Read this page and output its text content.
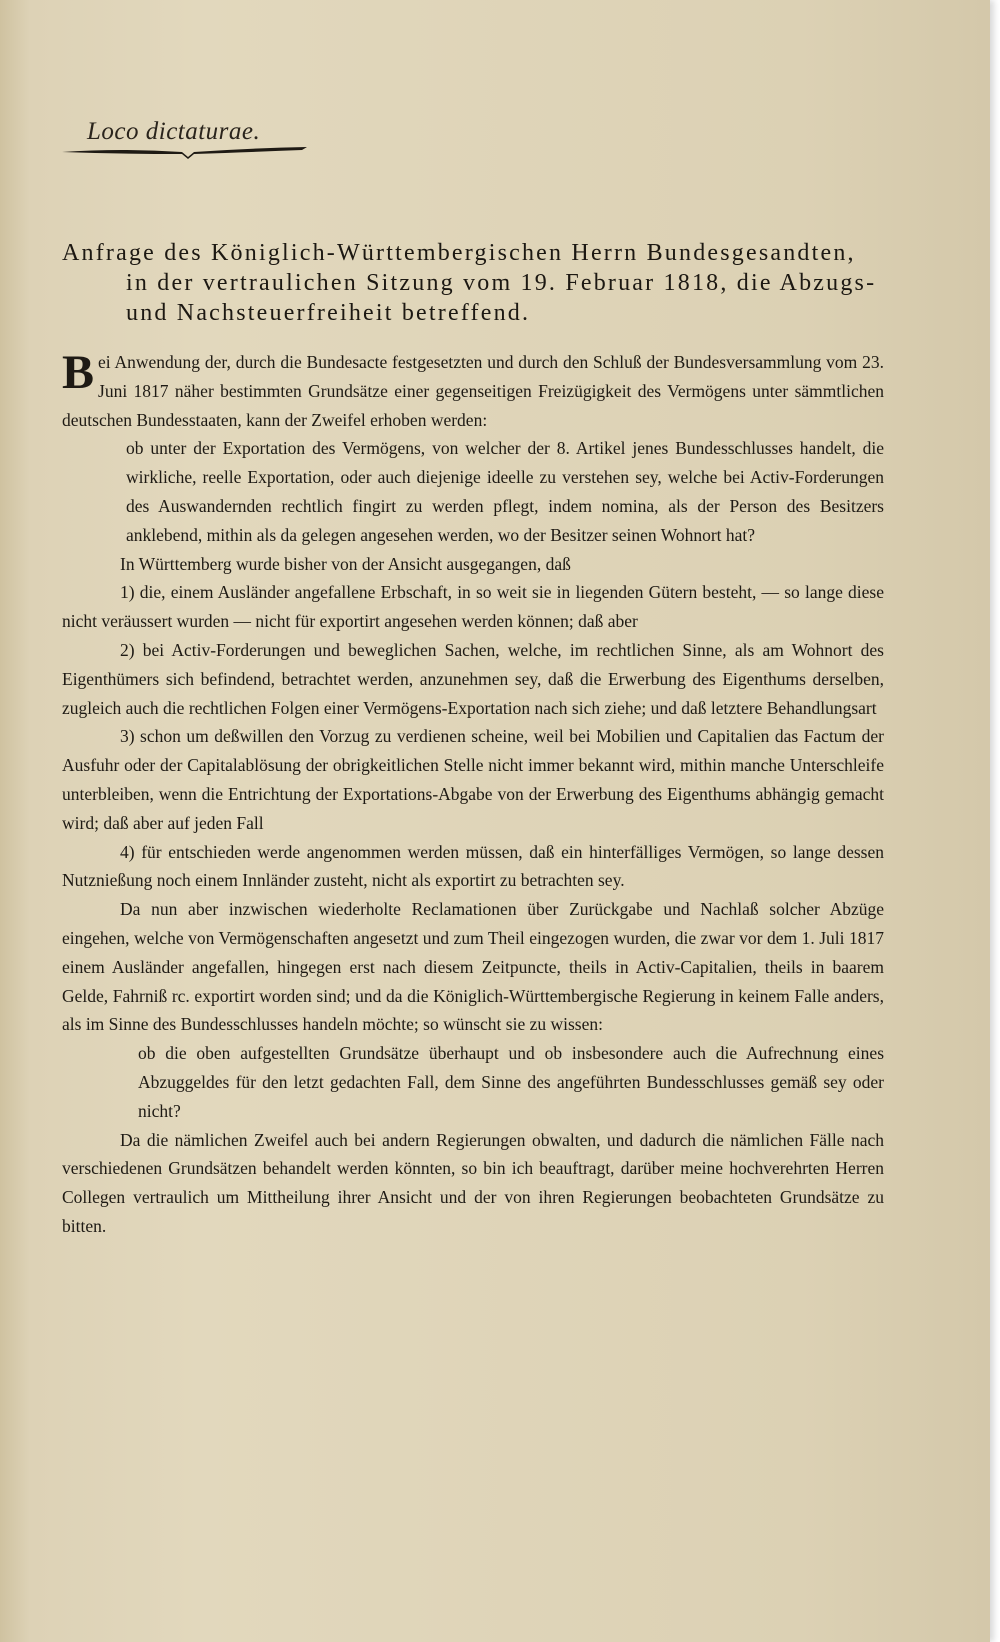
Loco dictaturae.
Anfrage des Königlich-Württembergischen Herrn Bundesgesandten,
in der vertraulichen Sitzung vom 19. Februar 1818, die Abzugs- und Nachsteuerfreiheit betreffend.

Bei Anwendung der, durch die Bundesacte festgesetzten und durch den Schluß der Bundesversammlung vom 23. Juni 1817 näher bestimmten Grundsätze einer gegenseitigen Freizügigkeit des Vermögens unter sämmtlichen deutschen Bundesstaaten, kann der Zweifel erhoben werden:

ob unter der Exportation des Vermögens, von welcher der 8. Artikel jenes Bundesschlusses handelt, die wirkliche, reelle Exportation, oder auch diejenige ideelle zu verstehen sey, welche bei Activ-Forderungen des Auswandernden rechtlich fingirt zu werden pflegt, indem nomina, als der Person des Besitzers anklebend, mithin als da gelegen angesehen werden, wo der Besitzer seinen Wohnort hat?

In Württemberg wurde bisher von der Ansicht ausgegangen, daß

1) die, einem Ausländer angefallene Erbschaft, in so weit sie in liegenden Gütern besteht, — so lange diese nicht veräussert wurden — nicht für exportirt angesehen werden können; daß aber

2) bei Activ-Forderungen und beweglichen Sachen, welche, im rechtlichen Sinne, als am Wohnort des Eigenthümers sich befindend, betrachtet werden, anzunehmen sey, daß die Erwerbung des Eigenthums derselben, zugleich auch die rechtlichen Folgen einer Vermögens-Exportation nach sich ziehe; und daß letztere Behandlungsart

3) schon um deßwillen den Vorzug zu verdienen scheine, weil bei Mobilien und Capitalien das Factum der Ausfuhr oder der Capitalablösung der obrigkeitlichen Stelle nicht immer bekannt wird, mithin manche Unterschleife unterbleiben, wenn die Entrichtung der Exportations-Abgabe von der Erwerbung des Eigenthums abhängig gemacht wird; daß aber auf jeden Fall

4) für entschieden werde angenommen werden müssen, daß ein hinterfälliges Vermögen, so lange dessen Nutznießung noch einem Innländer zusteht, nicht als exportirt zu betrachten sey.

Da nun aber inzwischen wiederholte Reclamationen über Zurückgabe und Nachlaß solcher Abzüge eingehen, welche von Vermögenschaften angesetzt und zum Theil eingezogen wurden, die zwar vor dem 1. Juli 1817 einem Ausländer angefallen, hingegen erst nach diesem Zeitpuncte, theils in Activ-Capitalien, theils in baarem Gelde, Fahrniß rc. exportirt worden sind; und da die Königlich-Württembergische Regierung in keinem Falle anders, als im Sinne des Bundesschlusses handeln möchte; so wünscht sie zu wissen:

ob die oben aufgestellten Grundsätze überhaupt und ob insbesondere auch die Aufrechnung eines Abzuggeldes für den letzt gedachten Fall, dem Sinne des angeführten Bundesschlusses gemäß sey oder nicht?

Da die nämlichen Zweifel auch bei andern Regierungen obwalten, und dadurch die nämlichen Fälle nach verschiedenen Grundsätzen behandelt werden könnten, so bin ich beauftragt, darüber meine hochverehrten Herren Collegen vertraulich um Mittheilung ihrer Ansicht und der von ihren Regierungen beobachteten Grundsätze zu bitten.
